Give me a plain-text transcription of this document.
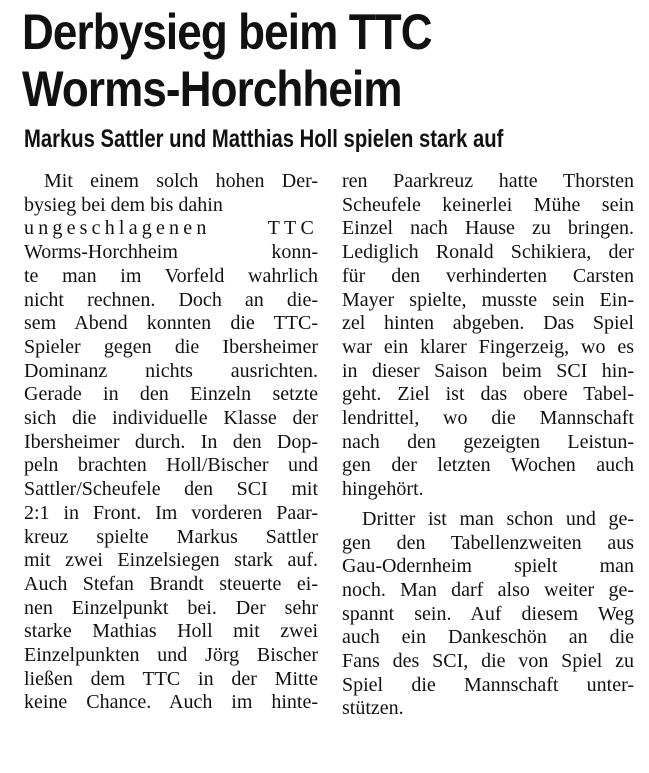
Derbysieg beim TTC
Worms-Horchheim
Markus Sattler und Matthias Holl spielen stark auf
Mit einem solch hohen Der-
bysieg bei dem bis dahin
ungeschlagenen TTC
Worms-Horchheim konn-
te man im Vorfeld wahrlich
nicht rechnen. Doch an die-
sem Abend konnten die TTC-
Spieler gegen die Ibersheimer
Dominanz nichts ausrichten.
Gerade in den Einzeln setzte
sich die individuelle Klasse der
Ibersheimer durch. In den Dop-
peln brachten Holl/Bischer und
Sattler/Scheufele den SCI mit
2:1 in Front. Im vorderen Paar-
kreuz spielte Markus Sattler
mit zwei Einzelsiegen stark auf.
Auch Stefan Brandt steuerte ei-
nen Einzelpunkt bei. Der sehr
starke Mathias Holl mit zwei
Einzelpunkten und Jörg Bischer
ließen dem TTC in der Mitte
keine Chance. Auch im hinte-
ren Paarkreuz hatte Thorsten
Scheufele keinerlei Mühe sein
Einzel nach Hause zu bringen.
Lediglich Ronald Schikiera, der
für den verhinderten Carsten
Mayer spielte, musste sein Ein-
zel hinten abgeben. Das Spiel
war ein klarer Fingerzeig, wo es
in dieser Saison beim SCI hin-
geht. Ziel ist das obere Tabel-
lendrittel, wo die Mannschaft
nach den gezeigten Leistun-
gen der letzten Wochen auch
hingehört.
Dritter ist man schon und ge-
gen den Tabellenzweiten aus
Gau-Odernheim spielt man
noch. Man darf also weiter ge-
spannt sein. Auf diesem Weg
auch ein Dankeschön an die
Fans des SCI, die von Spiel zu
Spiel die Mannschaft unter-
stützen.
